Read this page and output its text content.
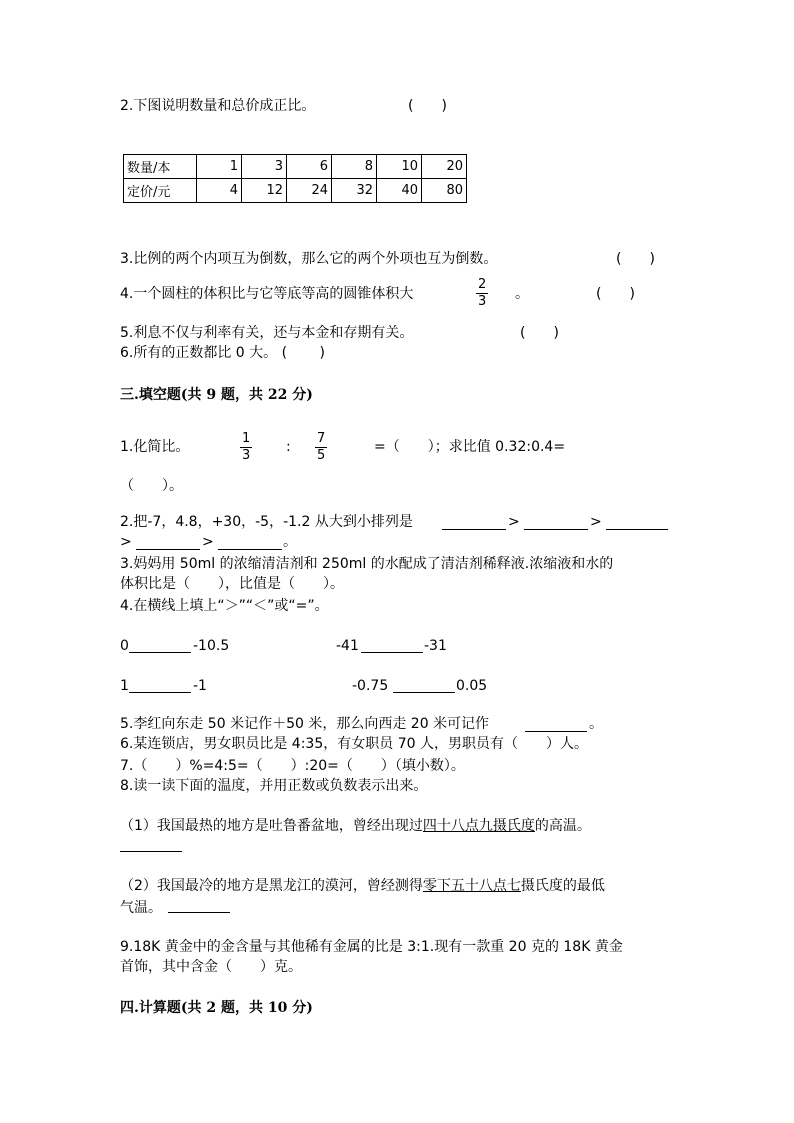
2.下图说明数量和总价成正比。	(　　)
数量/本	1	3	6	8	10	20
定价/元	4	12	24	32	40	80
3.比例的两个内项互为倒数，那么它的两个外项也互为倒数。	(　　)
4.一个圆柱的体积比与它等底等高的圆锥体积大	$\frac{2}{3}$ 。	(　　)
5.利息不仅与利率有关，还与本金和存期有关。	(　　)
6.所有的正数都比 0 大。 (　　 )
三.填空题(共 9 题，共 22 分)
1.化简比。	$\frac{1}{3}$ : $\frac{7}{5}$	=（　　）；求比值 0.32:0.4=
（　　）。
2.把-7，4.8，+30，-5，-1.2 从大到小排列是	>	>
>	>	。
3.妈妈用 50ml 的浓缩清洁剂和 250ml 的水配成了清洁剂稀释液.浓缩液和水的
体积比是（　　），比值是（　　）。
4.在横线上填上“＞”“＜”或“=”。
0	-10.5	-41	-31
1	-1	-0.75	0.05
5.李红向东走 50 米记作＋50 米，那么向西走 20 米可记作	。
6.某连锁店，男女职员比是 4:35，有女职员 70 人，男职员有（　　）人。
7.（　　）%=4:5=（　　）:20=（　　）（填小数）。
8.读一读下面的温度，并用正数或负数表示出来。
（1）我国最热的地方是吐鲁番盆地，曾经出现过四十八点九摄氏度的高温。
（2）我国最冷的地方是黑龙江的漠河，曾经测得零下五十八点七摄氏度的最低
气温。
9.18K 黄金中的金含量与其他稀有金属的比是 3:1.现有一款重 20 克的 18K 黄金
首饰，其中含金（　　）克。
四.计算题(共 2 题，共 10 分)
